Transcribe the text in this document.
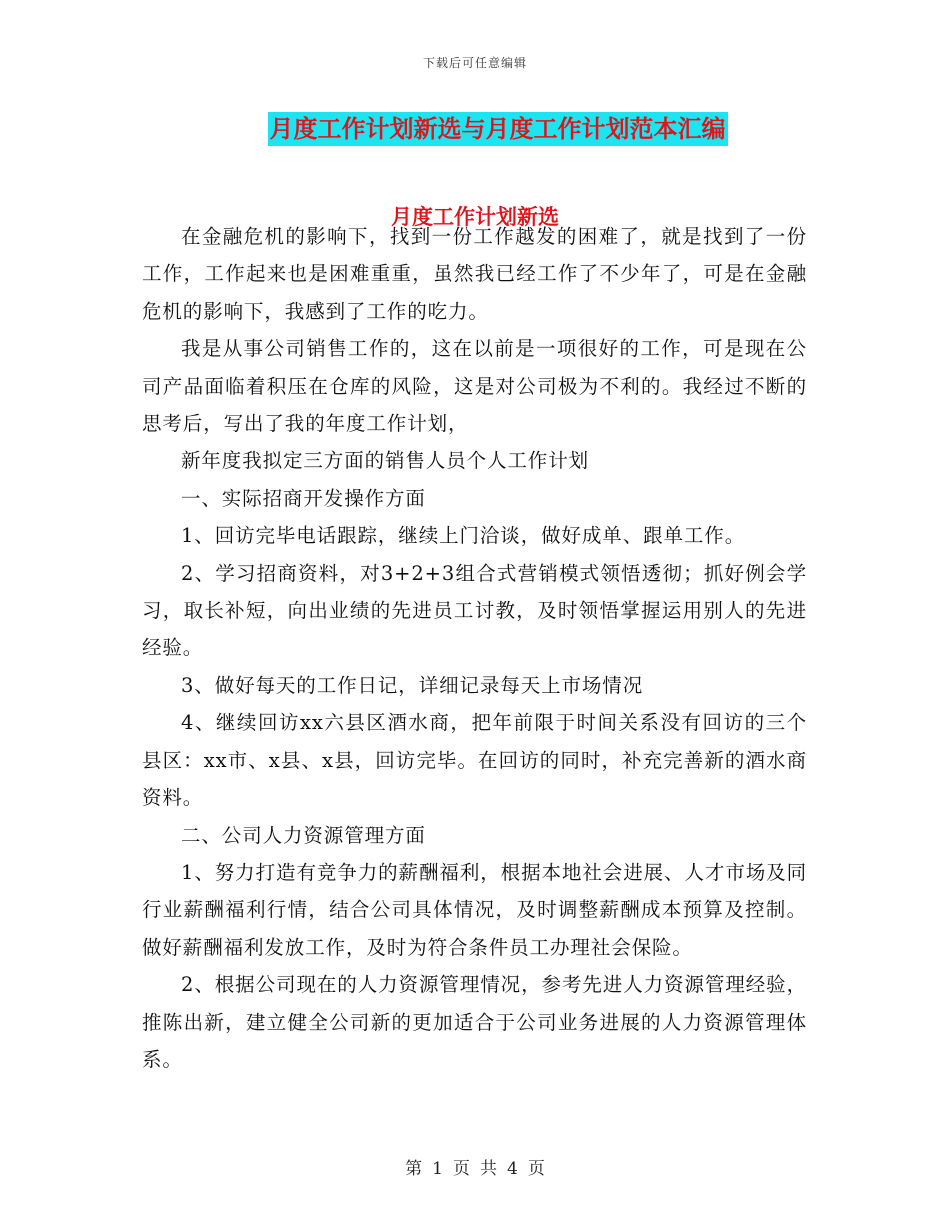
下载后可任意编辑
月度工作计划新选与月度工作计划范本汇编
月度工作计划新选

在金融危机的影响下，找到一份工作越发的困难了，就是找到了一份工作，工作起来也是困难重重，虽然我已经工作了不少年了，可是在金融危机的影响下，我感到了工作的吃力。

我是从事公司销售工作的，这在以前是一项很好的工作，可是现在公司产品面临着积压在仓库的风险，这是对公司极为不利的。我经过不断的思考后，写出了我的年度工作计划，

新年度我拟定三方面的销售人员个人工作计划

一、实际招商开发操作方面

1、回访完毕电话跟踪，继续上门洽谈，做好成单、跟单工作。

2、学习招商资料，对3+2+3组合式营销模式领悟透彻；抓好例会学习，取长补短，向出业绩的先进员工讨教，及时领悟掌握运用别人的先进经验。

3、做好每天的工作日记，详细记录每天上市场情况

4、继续回访xx六县区酒水商，把年前限于时间关系没有回访的三个县区：xx市、x县、x县，回访完毕。在回访的同时，补充完善新的酒水商资料。

二、公司人力资源管理方面

1、努力打造有竞争力的薪酬福利，根据本地社会进展、人才市场及同行业薪酬福利行情，结合公司具体情况，及时调整薪酬成本预算及控制。做好薪酬福利发放工作，及时为符合条件员工办理社会保险。

2、根据公司现在的人力资源管理情况，参考先进人力资源管理经验，推陈出新，建立健全公司新的更加适合于公司业务进展的人力资源管理体系。

第 1 页 共 4 页
